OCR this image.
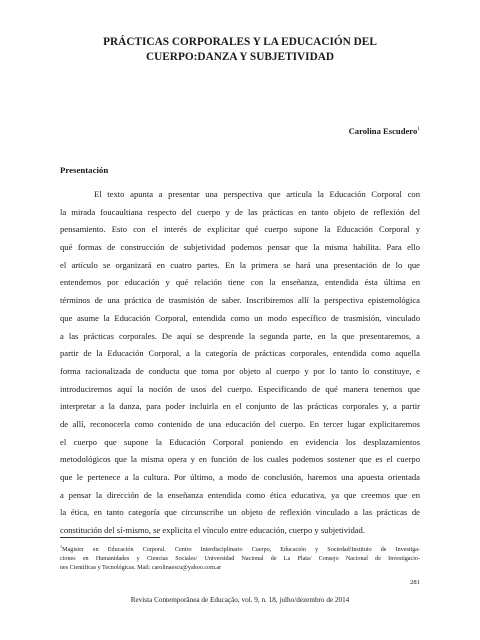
PRÁCTICAS CORPORALES Y LA EDUCACIÓN DEL
CUERPO:DANZA Y SUBJETIVIDAD
Carolina Escudero$^1$
Presentación
El texto apunta a presentar una perspectiva que articula la Educación Corporal con
la mirada foucaultiana respecto del cuerpo y de las prácticas en tanto objeto de reflexión del
pensamiento. Esto con el interés de explicitar qué cuerpo supone la Educación Corporal y
qué formas de construcción de subjetividad podemos pensar que la misma habilita. Para ello
el artículo se organizará en cuatro partes. En la primera se hará una presentación de lo que
entendemos por educación y qué relación tiene con la enseñanza, entendida ésta última en
términos de una práctica de trasmisión de saber. Inscribiremos allí la perspectiva epistemológica
que asume la Educación Corporal, entendida como un modo específico de trasmisión, vinculado
a las prácticas corporales. De aquí se desprende la segunda parte, en la que presentaremos, a
partir de la Educación Corporal, a la categoría de prácticas corporales, entendida como aquella
forma racionalizada de conducta que toma por objeto al cuerpo y por lo tanto lo constituye, e
introduciremos aquí la noción de usos del cuerpo. Especificando de qué manera tenemos que
interpretar a la danza, para poder incluirla en el conjunto de las prácticas corporales y, a partir
de allí, reconocerla como contenido de una educación del cuerpo. En tercer lugar explicitaremos
el cuerpo que supone la Educación Corporal poniendo en evidencia los desplazamientos
metodológicos que la misma opera y en función de los cuales podemos sostener que es el cuerpo
que le pertenece a la cultura. Por último, a modo de conclusión, haremos una apuesta orientada
a pensar la dirección de la enseñanza entendida como ética educativa, ya que creemos que en
la ética, en tanto categoría que circunscribe un objeto de reflexión vinculado a las prácticas de
constitución del sí-mismo, se explicita el vínculo entre educación, cuerpo y subjetividad.
$^1$Magister en Educación Corporal. Centro Interdisciplinario Cuerpo, Educación y Sociedad/Instituto de Investiga-
ciones en Humanidades y Ciencias Sociales/ Universidad Nacional de La Plata/ Consejo Nacional de Investigacio-
nes Científicas y Tecnológicas. Mail: carolinaescu@yahoo.com.ar
281
Revista Contemporânea de Educação, vol. 9, n. 18, julho/dezembro de 2014
